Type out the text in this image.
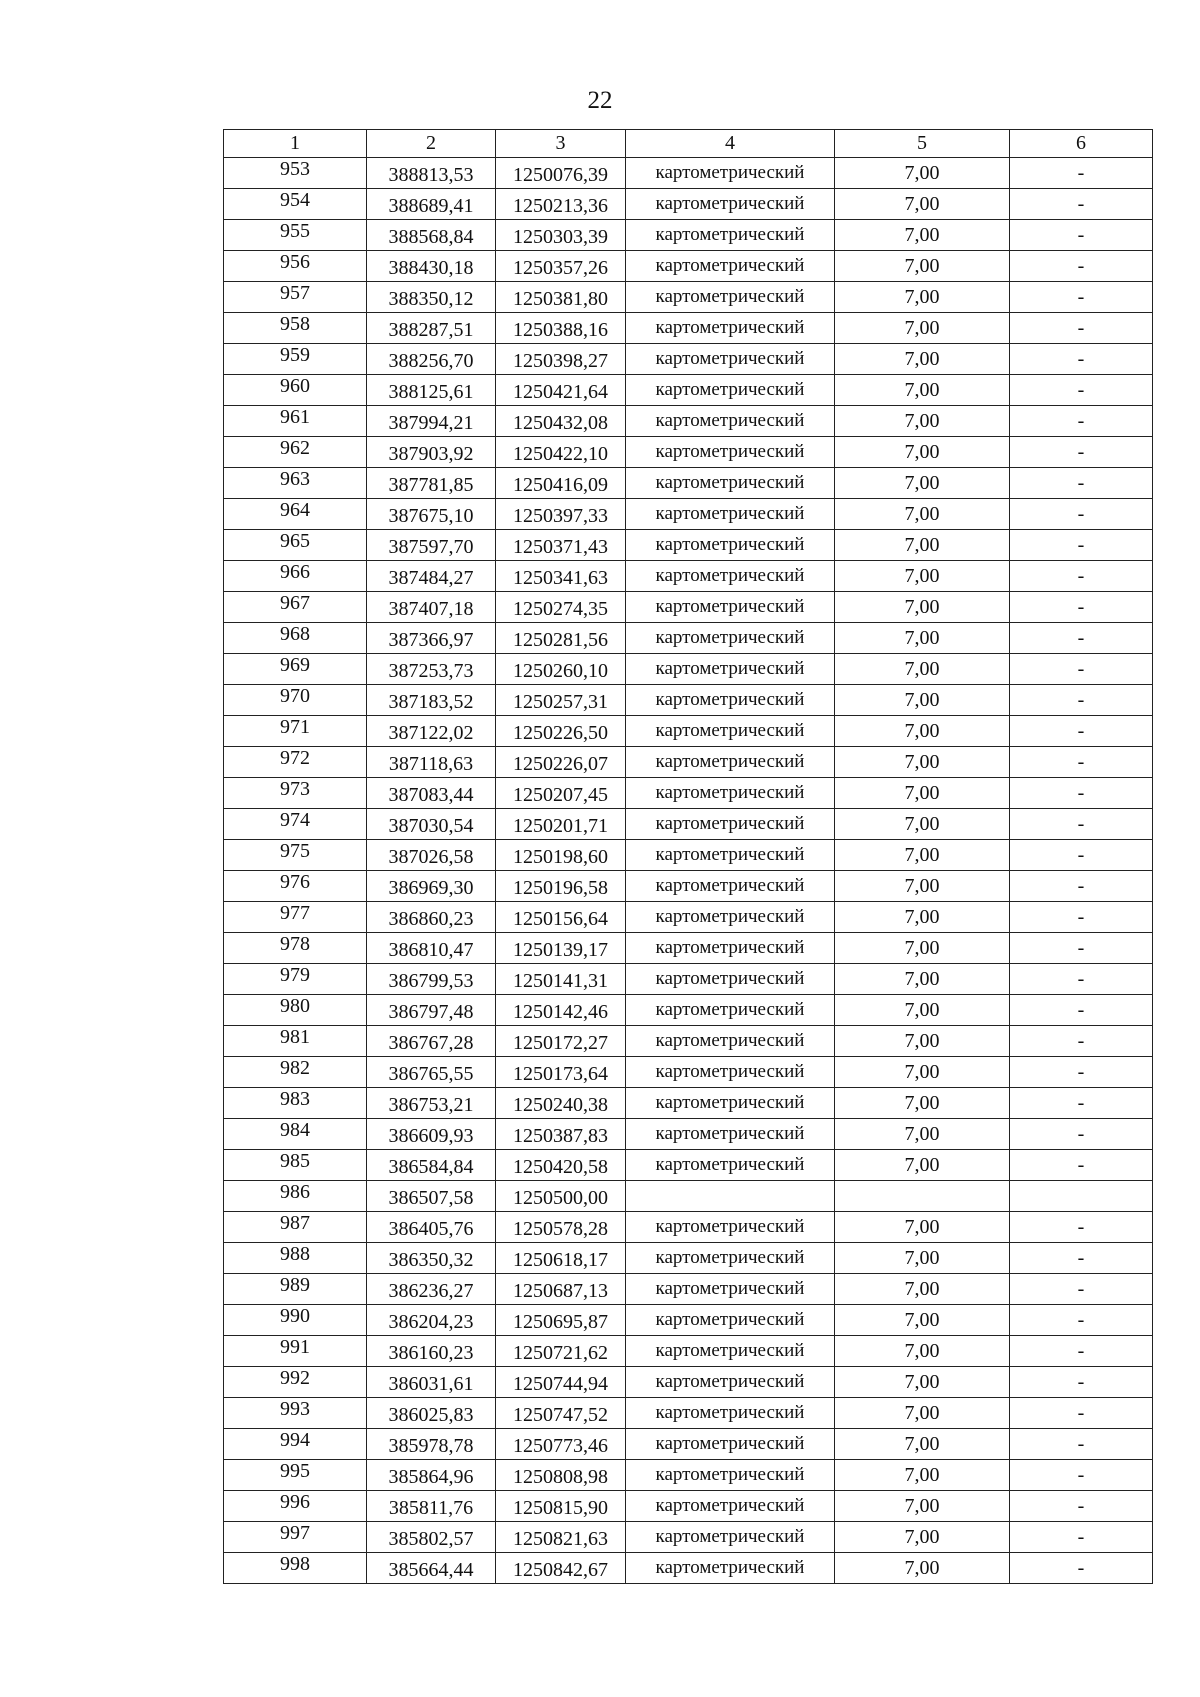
22
1	2	3	4	5	6
953	388813,53	1250076,39	картометрический	7,00	-
954	388689,41	1250213,36	картометрический	7,00	-
955	388568,84	1250303,39	картометрический	7,00	-
956	388430,18	1250357,26	картометрический	7,00	-
957	388350,12	1250381,80	картометрический	7,00	-
958	388287,51	1250388,16	картометрический	7,00	-
959	388256,70	1250398,27	картометрический	7,00	-
960	388125,61	1250421,64	картометрический	7,00	-
961	387994,21	1250432,08	картометрический	7,00	-
962	387903,92	1250422,10	картометрический	7,00	-
963	387781,85	1250416,09	картометрический	7,00	-
964	387675,10	1250397,33	картометрический	7,00	-
965	387597,70	1250371,43	картометрический	7,00	-
966	387484,27	1250341,63	картометрический	7,00	-
967	387407,18	1250274,35	картометрический	7,00	-
968	387366,97	1250281,56	картометрический	7,00	-
969	387253,73	1250260,10	картометрический	7,00	-
970	387183,52	1250257,31	картометрический	7,00	-
971	387122,02	1250226,50	картометрический	7,00	-
972	387118,63	1250226,07	картометрический	7,00	-
973	387083,44	1250207,45	картометрический	7,00	-
974	387030,54	1250201,71	картометрический	7,00	-
975	387026,58	1250198,60	картометрический	7,00	-
976	386969,30	1250196,58	картометрический	7,00	-
977	386860,23	1250156,64	картометрический	7,00	-
978	386810,47	1250139,17	картометрический	7,00	-
979	386799,53	1250141,31	картометрический	7,00	-
980	386797,48	1250142,46	картометрический	7,00	-
981	386767,28	1250172,27	картометрический	7,00	-
982	386765,55	1250173,64	картометрический	7,00	-
983	386753,21	1250240,38	картометрический	7,00	-
984	386609,93	1250387,83	картометрический	7,00	-
985	386584,84	1250420,58	картометрический	7,00	-
986	386507,58	1250500,00			
987	386405,76	1250578,28	картометрический	7,00	-
988	386350,32	1250618,17	картометрический	7,00	-
989	386236,27	1250687,13	картометрический	7,00	-
990	386204,23	1250695,87	картометрический	7,00	-
991	386160,23	1250721,62	картометрический	7,00	-
992	386031,61	1250744,94	картометрический	7,00	-
993	386025,83	1250747,52	картометрический	7,00	-
994	385978,78	1250773,46	картометрический	7,00	-
995	385864,96	1250808,98	картометрический	7,00	-
996	385811,76	1250815,90	картометрический	7,00	-
997	385802,57	1250821,63	картометрический	7,00	-
998	385664,44	1250842,67	картометрический	7,00	-
